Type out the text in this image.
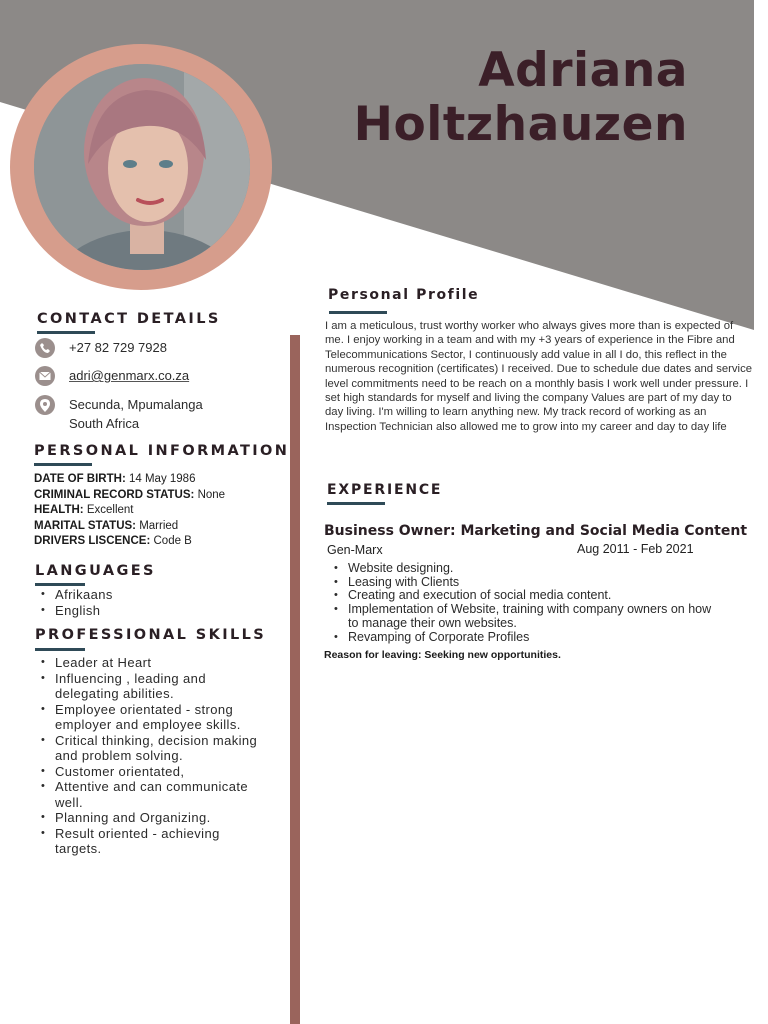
Adriana
Holtzhauzen
CONTACT DETAILS
+27 82 729 7928
adri@genmarx.co.za
Secunda, Mpumalanga
South Africa
PERSONAL INFORMATION
DATE OF BIRTH: 14 May 1986
CRIMINAL RECORD STATUS: None
HEALTH: Excellent
MARITAL STATUS: Married
DRIVERS LISCENCE: Code B
LANGUAGES
• Afrikaans
• English
PROFESSIONAL SKILLS
• Leader at Heart
• Influencing , leading and delegating abilities.
• Employee orientated - strong employer and employee skills.
• Critical thinking, decision making and problem solving.
• Customer orientated,
• Attentive and can communicate well.
• Planning and Organizing.
• Result oriented - achieving targets.
Personal Profile
I am a meticulous, trust worthy worker who always gives more than is expected of me. I enjoy working in a team and with my +3 years of experience in the Fibre and Telecommunications Sector, I continuously add value in all I do, this reflect in the numerous recognition (certificates) I received. Due to schedule due dates and service level commitments need to be reach on a monthly basis I work well under pressure. I set high standards for myself and living the company Values are part of my day to day living. I'm willing to learn anything new. My track record of working as an Inspection Technician also allowed me to grow into my career and day to day life
EXPERIENCE
Business Owner: Marketing and Social Media Content
Gen-Marx	Aug 2011 - Feb 2021
• Website designing.
• Leasing with Clients
• Creating and execution of social media content.
• Implementation of Website, training with company owners on how to manage their own websites.
• Revamping of Corporate Profiles
Reason for leaving: Seeking new opportunities.
